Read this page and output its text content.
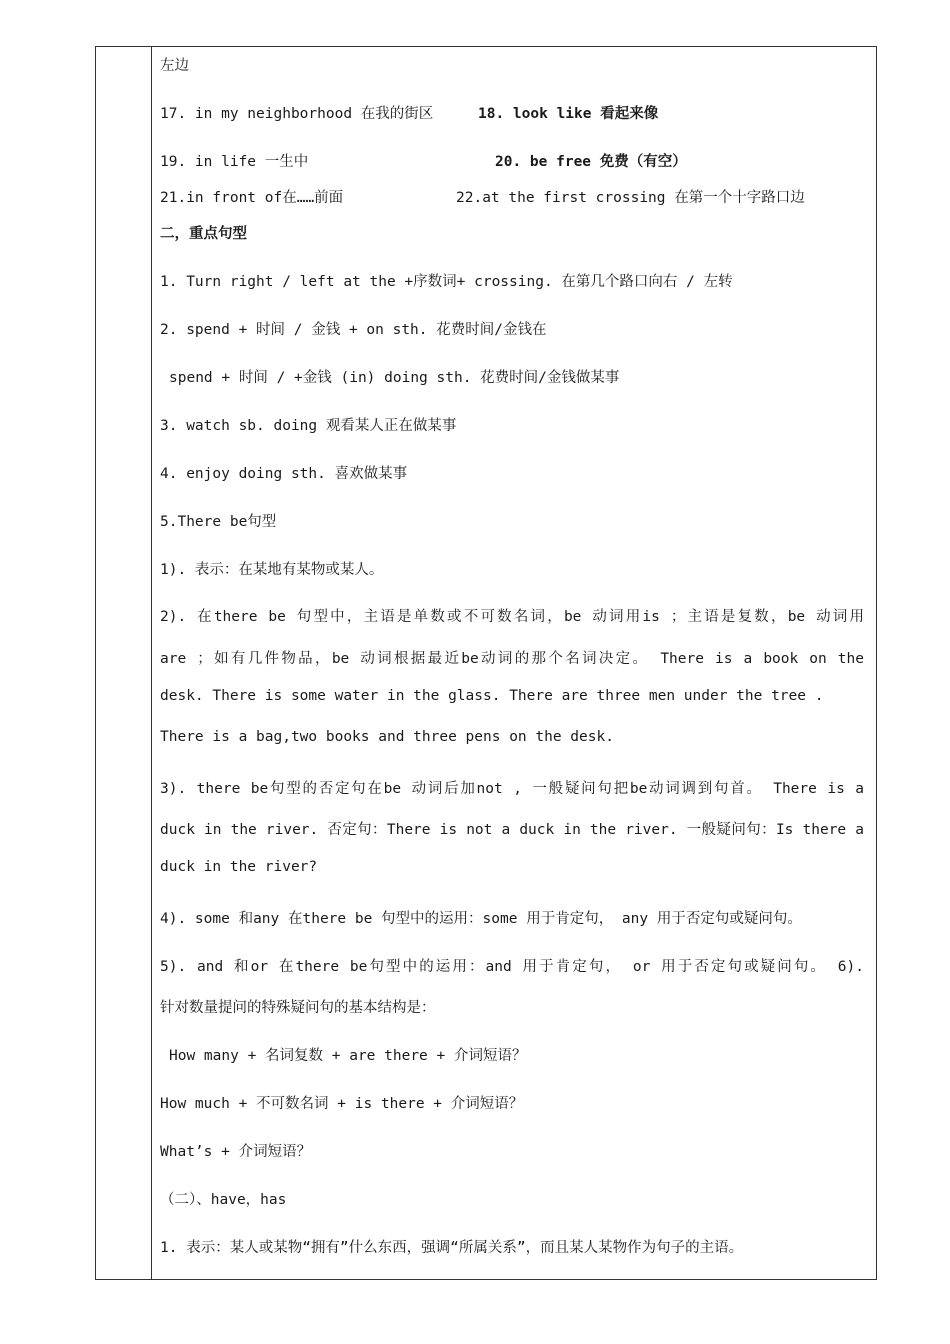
左边
17. in my neighborhood 在我的街区	18. look like 看起来像
19. in life 一生中	20. be free 免费（有空）
21.in front of在……前面	22.at the first crossing 在第一个十字路口边
二，重点句型
1. Turn right / left at the +序数词+ crossing. 在第几个路口向右 / 左转
2. spend + 时间 / 金钱 + on sth. 花费时间/金钱在
spend + 时间 / +金钱 (in) doing sth. 花费时间/金钱做某事
3. watch sb. doing 观看某人正在做某事
4. enjoy doing sth. 喜欢做某事
5.There be句型
1). 表示：在某地有某物或某人。
2). 在there be 句型中，主语是单数或不可数名词，be 动词用is ；主语是复数，be 动词用
are ；如有几件物品，be 动词根据最近be动词的那个名词决定。 There is a book on the
desk. There is some water in the glass. There are three men under the tree .
There is a bag,two books and three pens on the desk.
3). there be句型的否定句在be 动词后加not , 一般疑问句把be动词调到句首。 There is a
duck in the river. 否定句：There is not a duck in the river. 一般疑问句：Is there a
duck in the river?
4). some 和any 在there be 句型中的运用：some 用于肯定句， any 用于否定句或疑问句。
5). and 和or 在there be句型中的运用：and 用于肯定句， or 用于否定句或疑问句。 6).
针对数量提问的特殊疑问句的基本结构是：
How many + 名词复数 + are there + 介词短语？
How much + 不可数名词 + is there + 介词短语？
What’s + 介词短语？
（二）、have，has
1. 表示：某人或某物“拥有”什么东西，强调“所属关系”，而且某人某物作为句子的主语。
